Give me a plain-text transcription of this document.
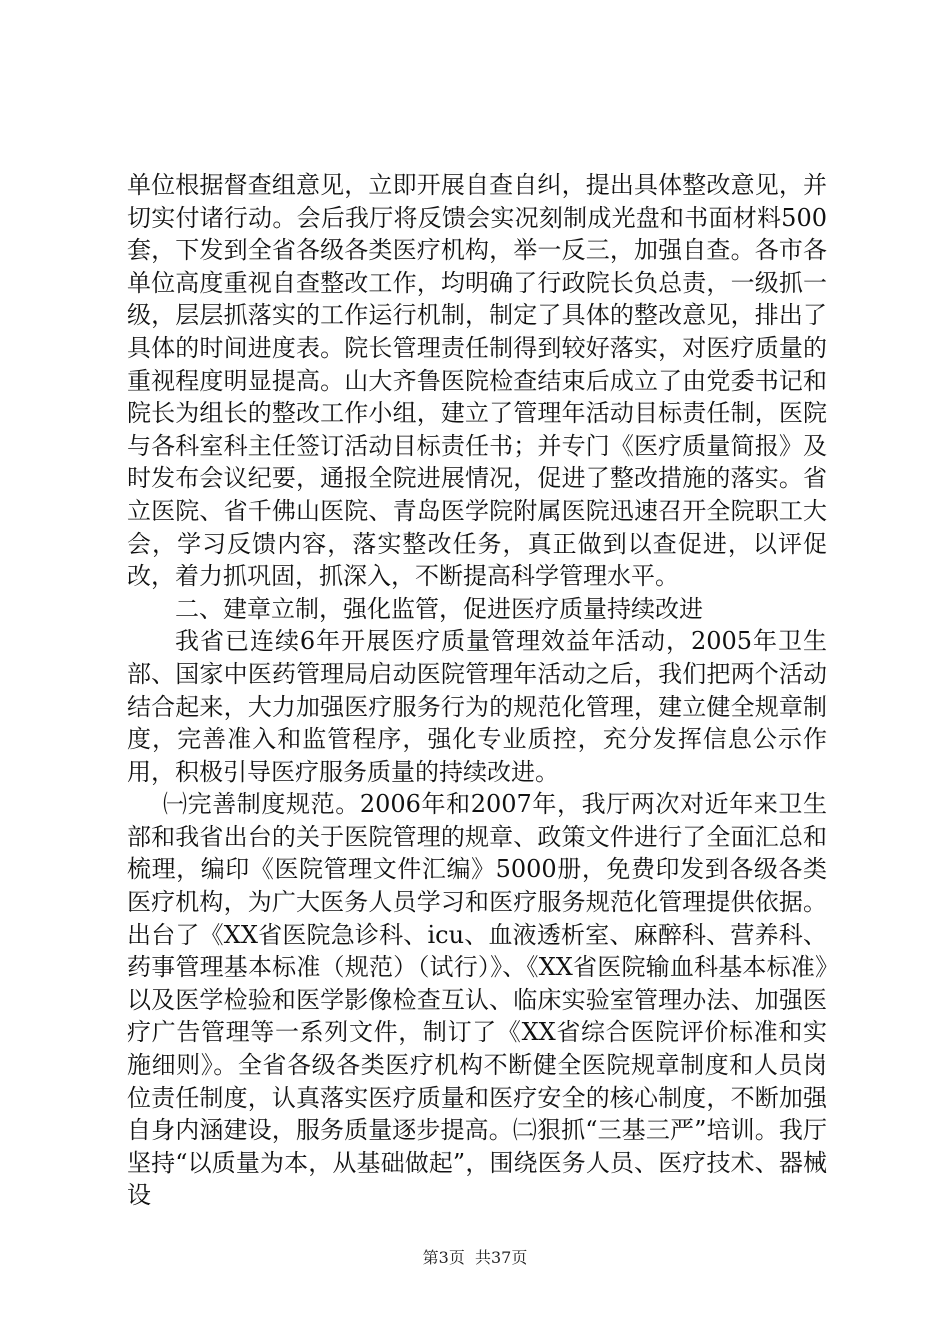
单位根据督查组意见，立即开展自查自纠，提出具体整改意见，并切实付诸行动。会后我厅将反馈会实况刻制成光盘和书面材料500套，下发到全省各级各类医疗机构，举一反三，加强自查。各市各单位高度重视自查整改工作，均明确了行政院长负总责，一级抓一级，层层抓落实的工作运行机制，制定了具体的整改意见，排出了具体的时间进度表。院长管理责任制得到较好落实，对医疗质量的重视程度明显提高。山大齐鲁医院检查结束后成立了由党委书记和院长为组长的整改工作小组，建立了管理年活动目标责任制，医院与各科室科主任签订活动目标责任书；并专门《医疗质量简报》及时发布会议纪要，通报全院进展情况，促进了整改措施的落实。省立医院、省千佛山医院、青岛医学院附属医院迅速召开全院职工大会，学习反馈内容，落实整改任务，真正做到以查促进，以评促改，着力抓巩固，抓深入，不断提高科学管理水平。

二、建章立制，强化监管，促进医疗质量持续改进

我省已连续6年开展医疗质量管理效益年活动，2005年卫生部、国家中医药管理局启动医院管理年活动之后，我们把两个活动结合起来，大力加强医疗服务行为的规范化管理，建立健全规章制度，完善准入和监管程序，强化专业质控，充分发挥信息公示作用，积极引导医疗服务质量的持续改进。

㈠完善制度规范。2006年和2007年，我厅两次对近年来卫生部和我省出台的关于医院管理的规章、政策文件进行了全面汇总和梳理，编印《医院管理文件汇编》5000册，免费印发到各级各类医疗机构，为广大医务人员学习和医疗服务规范化管理提供依据。出台了《XX省医院急诊科、icu、血液透析室、麻醉科、营养科、药事管理基本标准（规范）（试行）》、《XX省医院输血科基本标准》以及医学检验和医学影像检查互认、临床实验室管理办法、加强医疗广告管理等一系列文件，制订了《XX省综合医院评价标准和实施细则》。全省各级各类医疗机构不断健全医院规章制度和人员岗位责任制度，认真落实医疗质量和医疗安全的核心制度，不断加强自身内涵建设，服务质量逐步提高。㈡狠抓“三基三严”培训。我厅坚持“以质量为本，从基础做起”，围绕医务人员、医疗技术、器械设

第3页  共37页
